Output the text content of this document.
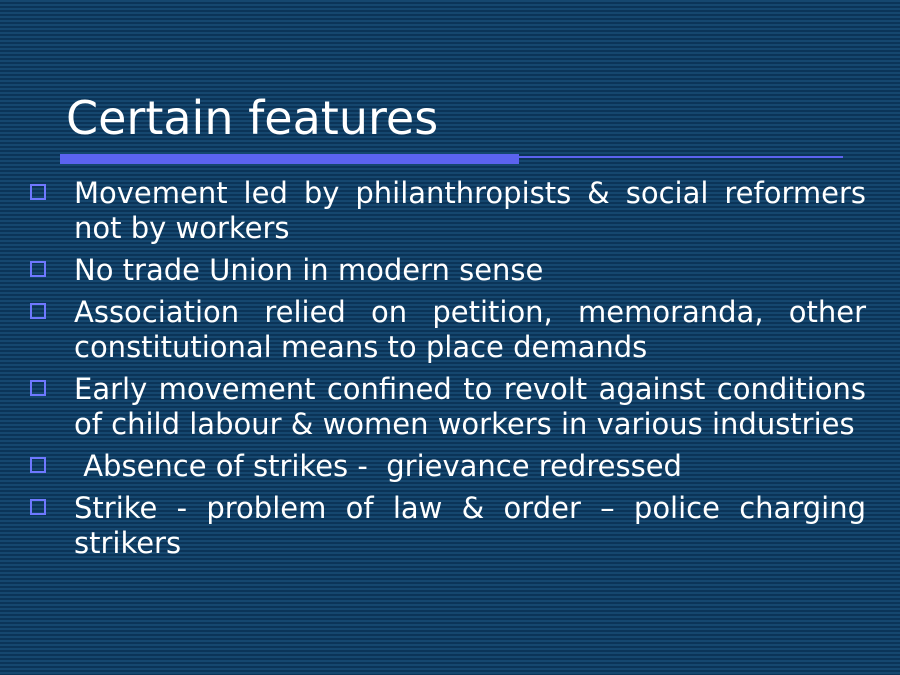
Certain features
Movement led by philanthropists & social reformers not by workers
No trade Union in modern sense
Association relied on petition, memoranda, other constitutional means to place demands
Early movement confined to revolt against conditions of child labour & women workers in various industries
Absence of strikes -  grievance redressed
Strike - problem of law & order – police charging strikers
